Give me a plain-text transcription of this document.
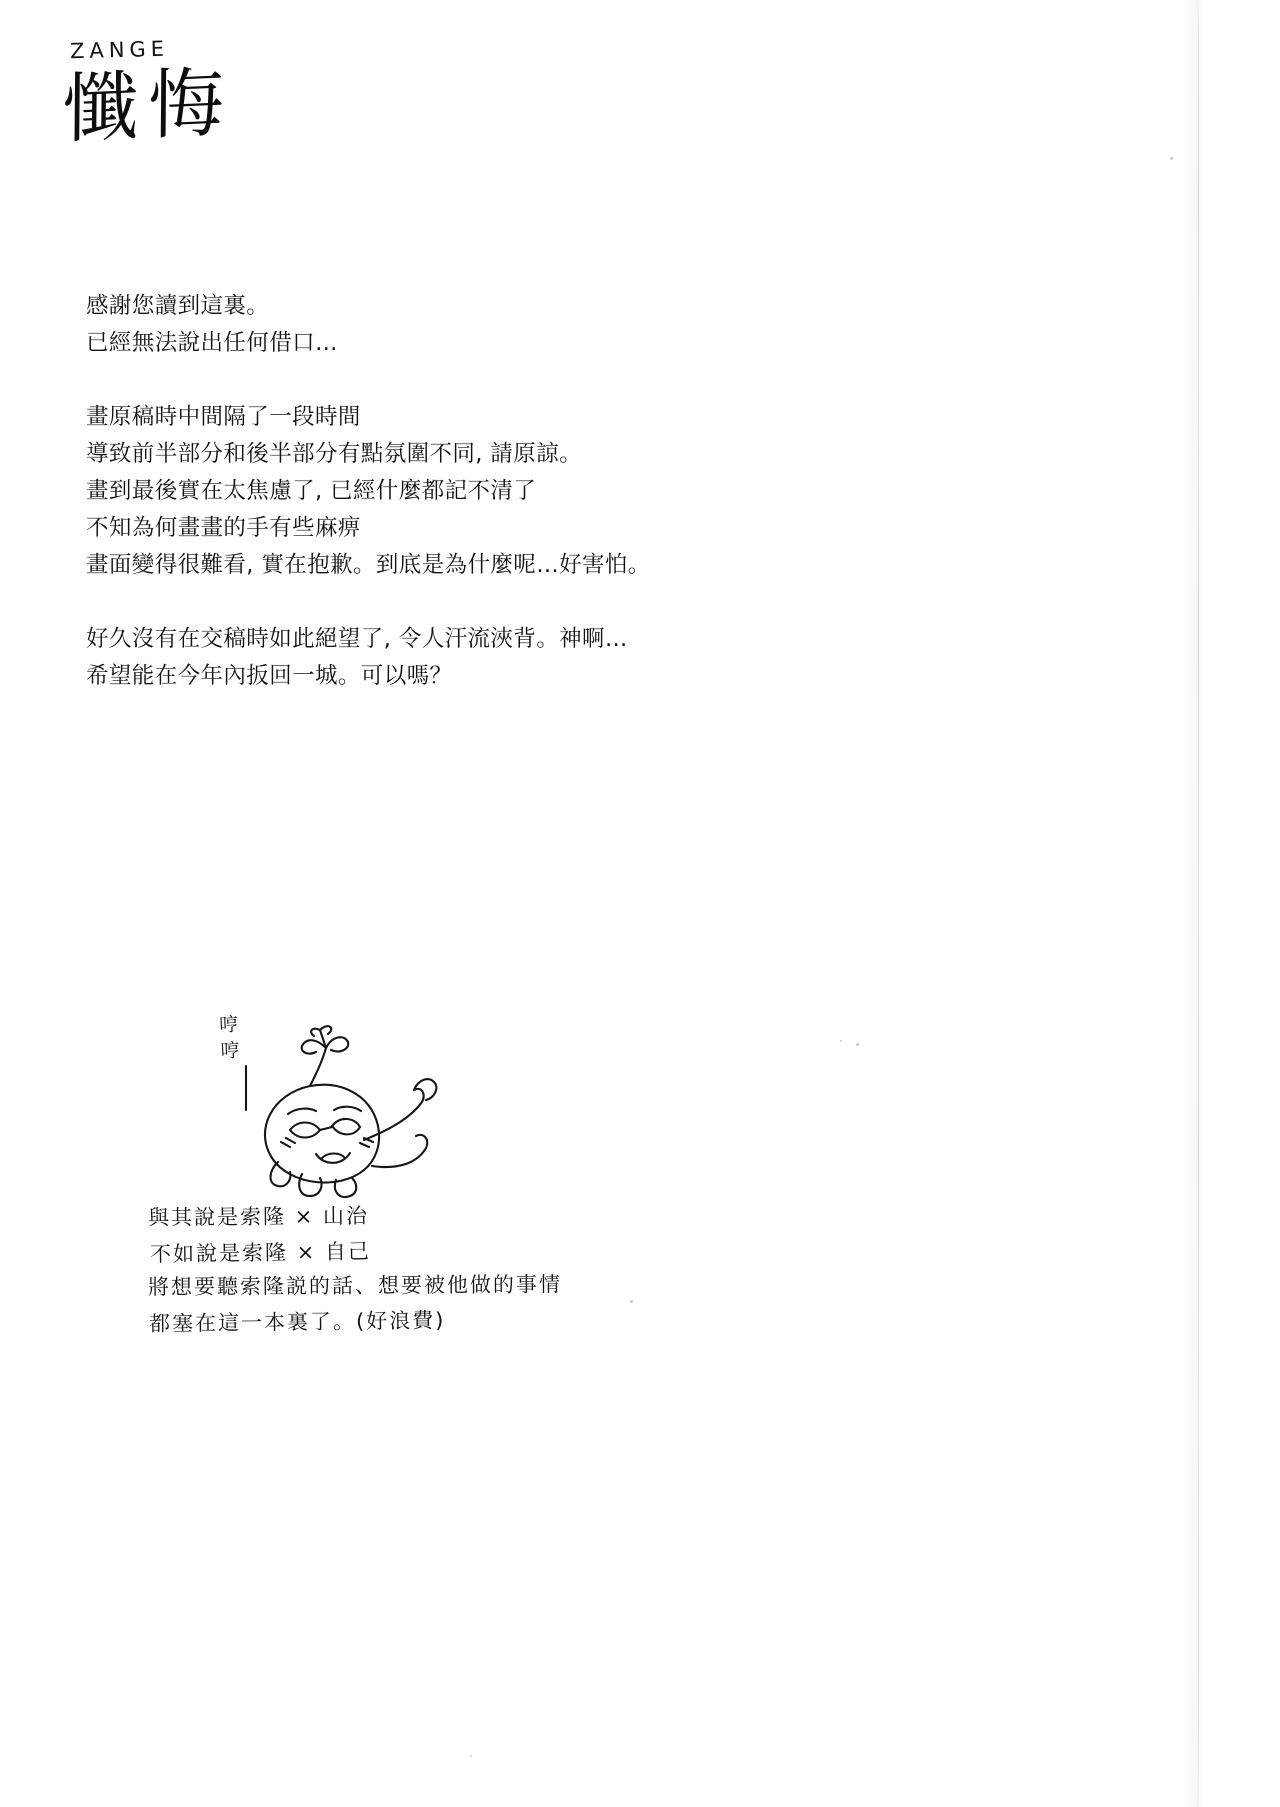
ZANGE
懺悔

感謝您讀到這裏。
已經無法說出任何借口…

畫原稿時中間隔了一段時間
導致前半部分和後半部分有點氛圍不同, 請原諒。
畫到最後實在太焦慮了, 已經什麼都記不清了
不知為何畫畫的手有些麻痹
畫面變得很難看, 實在抱歉。到底是為什麼呢…好害怕。

好久沒有在交稿時如此絕望了, 令人汗流浹背。神啊…
希望能在今年內扳回一城。可以嗎？

哼
哼
與其說是索隆 × 山治
不如說是索隆 × 自己
將想要聽索隆説的話、想要被他做的事情
都塞在這一本裏了。(好浪費)
